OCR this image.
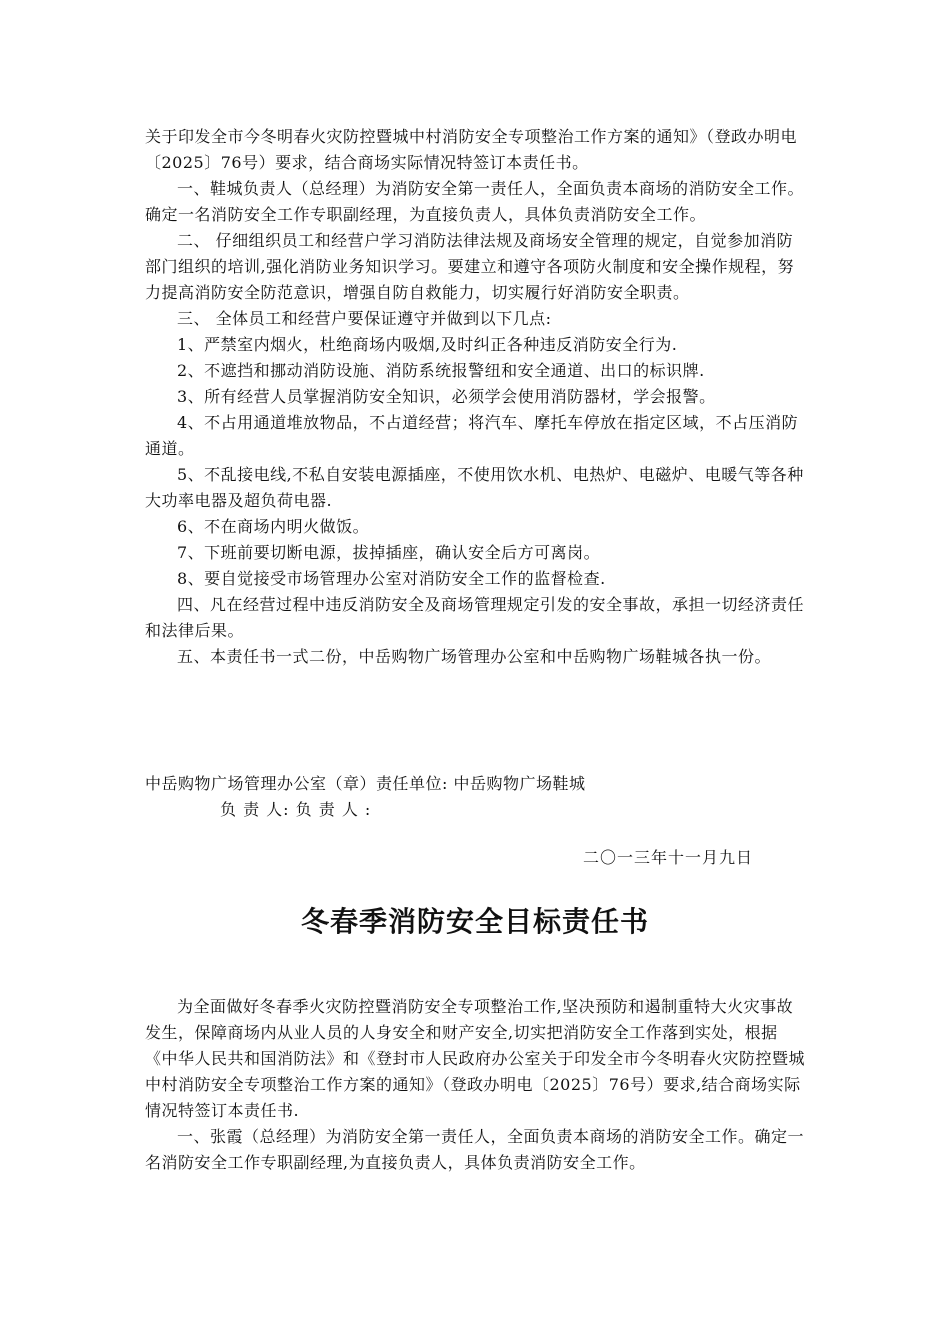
关于印发全市今冬明春火灾防控暨城中村消防安全专项整治工作方案的通知》（登政办明电〔2025〕76号）要求，结合商场实际情况特签订本责任书。

一、鞋城负责人（总经理）为消防安全第一责任人，全面负责本商场的消防安全工作。确定一名消防安全工作专职副经理，为直接负责人，具体负责消防安全工作。

二、 仔细组织员工和经营户学习消防法律法规及商场安全管理的规定，自觉参加消防部门组织的培训,强化消防业务知识学习。要建立和遵守各项防火制度和安全操作规程，努力提高消防安全防范意识，增强自防自救能力，切实履行好消防安全职责。

三、 全体员工和经营户要保证遵守并做到以下几点:

1、严禁室内烟火，杜绝商场内吸烟,及时纠正各种违反消防安全行为.

2、不遮挡和挪动消防设施、消防系统报警纽和安全通道、出口的标识牌.

3、所有经营人员掌握消防安全知识，必须学会使用消防器材，学会报警。

4、不占用通道堆放物品，不占道经营；将汽车、摩托车停放在指定区域，不占压消防通道。

5、不乱接电线,不私自安装电源插座，不使用饮水机、电热炉、电磁炉、电暖气等各种大功率电器及超负荷电器.

6、不在商场内明火做饭。

7、下班前要切断电源，拔掉插座，确认安全后方可离岗。

8、要自觉接受市场管理办公室对消防安全工作的监督检查.

四、凡在经营过程中违反消防安全及商场管理规定引发的安全事故，承担一切经济责任和法律后果。

五、本责任书一式二份，中岳购物广场管理办公室和中岳购物广场鞋城各执一份。

中岳购物广场管理办公室（章）责任单位: 中岳购物广场鞋城
负 责 人: 负 责 人 :
二〇一三年十一月九日
冬春季消防安全目标责任书

为全面做好冬春季火灾防控暨消防安全专项整治工作,坚决预防和遏制重特大火灾事故发生，保障商场内从业人员的人身安全和财产安全,切实把消防安全工作落到实处，根据《中华人民共和国消防法》和《登封市人民政府办公室关于印发全市今冬明春火灾防控暨城中村消防安全专项整治工作方案的通知》（登政办明电〔2025〕76号）要求,结合商场实际情况特签订本责任书.

一、张霞（总经理）为消防安全第一责任人，全面负责本商场的消防安全工作。确定一名消防安全工作专职副经理,为直接负责人，具体负责消防安全工作。
